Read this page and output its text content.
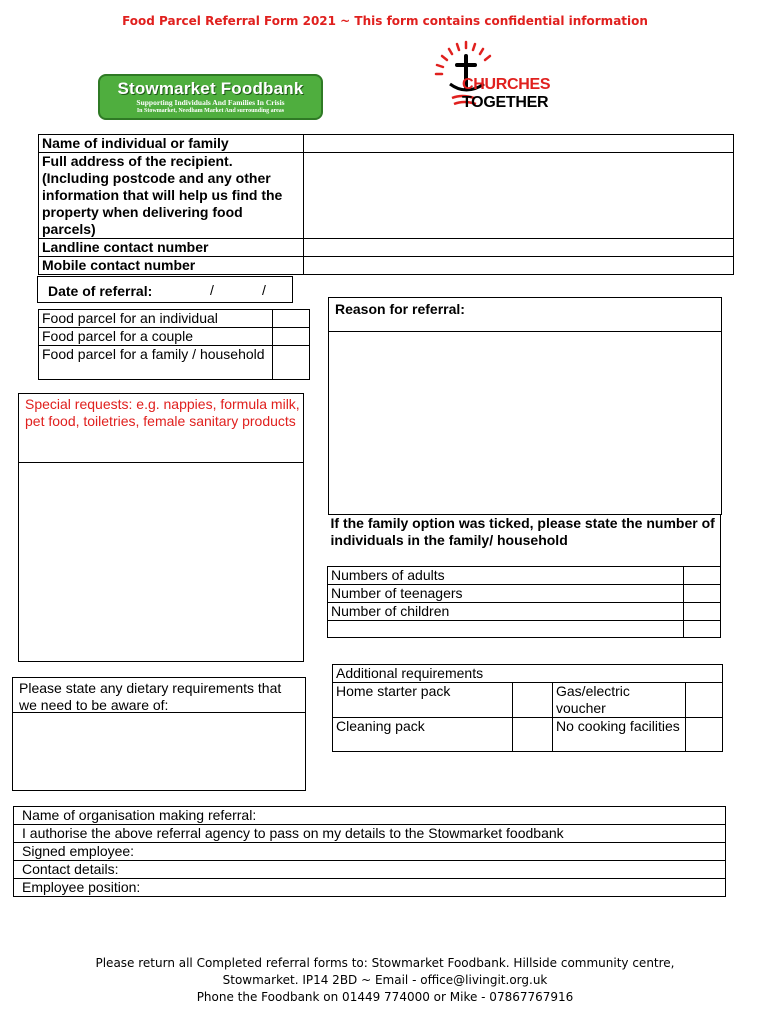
Food Parcel Referral Form 2021 ~ This form contains confidential information
Stowmarket Foodbank
Supporting Individuals And Families In Crisis
In Stowmarket, Needham Market And surrounding areas
CHURCHES
TOGETHER
Name of individual or family	
Full address of the recipient. (Including postcode and any other information that will help us find the property when delivering food parcels)	
Landline contact number	
Mobile contact number	
Date of referral:	/	/
Food parcel for an individual	
Food parcel for a couple	
Food parcel for a family / household	
Reason for referral:
Special requests: e.g. nappies, formula milk, pet food, toiletries, female sanitary products
If the family option was ticked, please state the number of individuals in the family/ household	
Numbers of adults	
Number of teenagers	
Number of children	

Please state any dietary requirements that we need to be aware of:
Additional requirements			
Home starter pack		Gas/electric voucher	
Cleaning pack		No cooking facilities	
Name of organisation making referral:
I authorise the above referral agency to pass on my details to the Stowmarket foodbank
Signed employee:
Contact details:
Employee position:
Please return all Completed referral forms to: Stowmarket Foodbank. Hillside community centre,
Stowmarket. IP14 2BD ~ Email - office@livingit.org.uk
Phone the Foodbank on 01449 774000 or Mike - 07867767916
